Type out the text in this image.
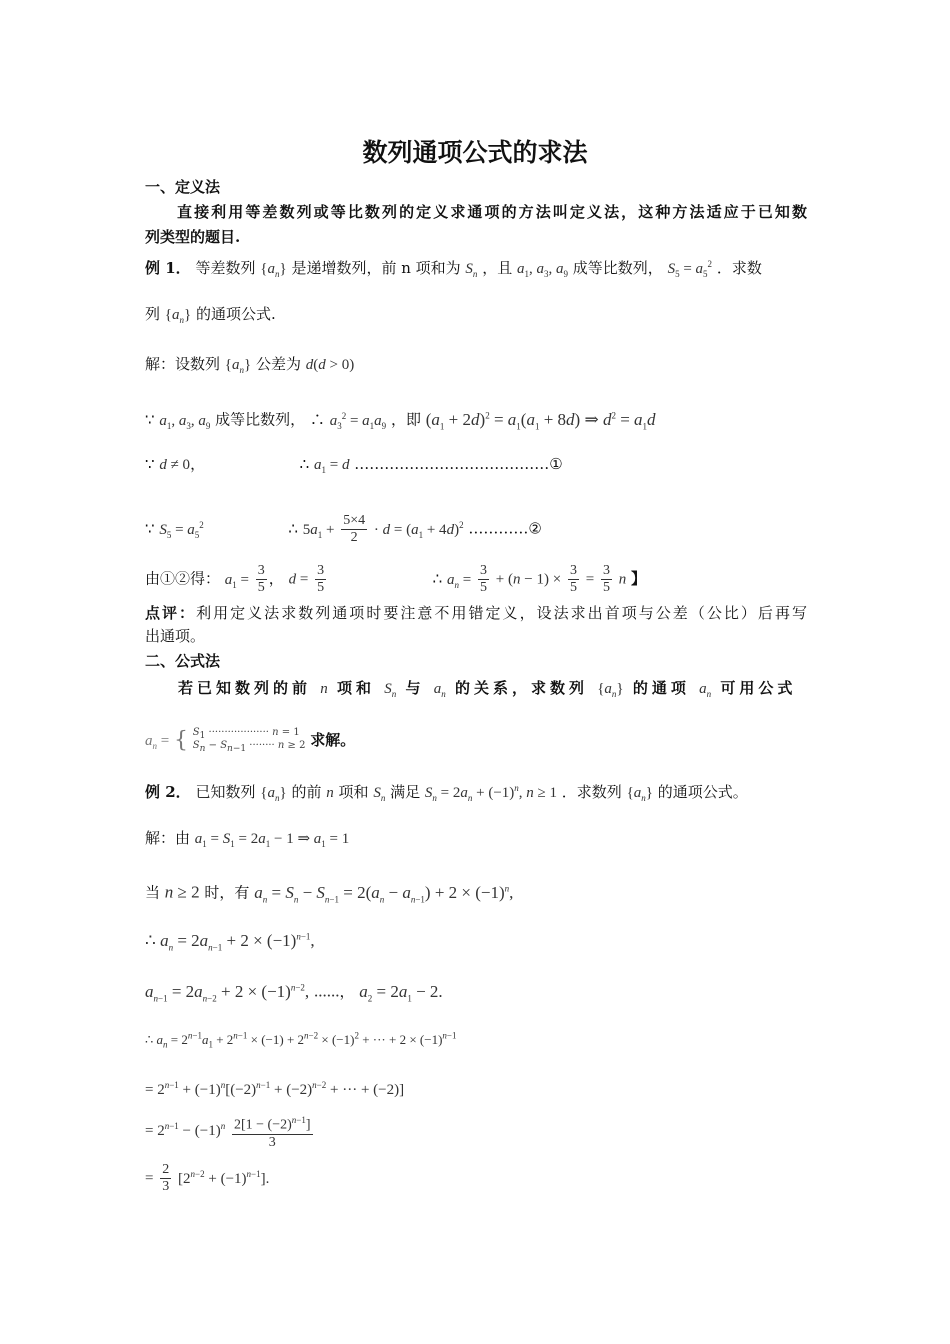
数列通项公式的求法
一、定义法
直接利用等差数列或等比数列的定义求通项的方法叫定义法，这种方法适应于已知数
列类型的题目.
例 1． 等差数列 $\{a_n\}$ 是递增数列，前 n 项和为 $S_n$ ，且 $a_1$, $a_3$, $a_9$ 成等比数列， $S_5 = a_5^2$ ．求数
列 $\{a_n\}$ 的通项公式.
解：设数列 $\{a_n\}$ 公差为 d(d > 0)
∵ $a_1$, $a_3$, $a_9$ 成等比数列， ∴ $a_3^2 = a_1a_9$ ，即 $(a_1 + 2d)^2 = a_1(a_1 + 8d)$ ⇒ $d^2 = a_1d$
∵ d ≠ 0，	∴ $a_1 = d$ …………………………………①
∵ $S_5 = a_5^2$	∴ $5a_1 + \frac{5\times 4}{2} \cdot d = (a_1 + 4d)^2$ …………②
由①②得： $a_1 = \frac{3}{5}$ ， $d = \frac{3}{5}$	∴ $a_n = \frac{3}{5} + (n - 1) \times \frac{3}{5} = \frac{3}{5}$ n 】
点评：利用定义法求数列通项时要注意不用错定义，设法求出首项与公差（公比）后再写
出通项。
二、公式法
若已知数列的前 n 项和 $S_n$ 与 $a_n$ 的关系，求数列 $\{a_n\}$ 的通项 $a_n$ 可用公式
$a_n$ = { $S_1$ ··················· n = 1
$S_n - S_{n-1}$ ········ n ≥ 2 求解。
例 2． 已知数列 $\{a_n\}$ 的前 n 项和 $S_n$ 满足 $S_n = 2a_n + (-1)^n$, n ≥ 1 ．求数列 $\{a_n\}$ 的通项公式。
解：由 $a_1 = S_1 = 2a_1 - 1$ ⇒ $a_1 = 1$
当 n ≥ 2 时，有 $a_n = S_n - S_{n-1} = 2(a_n - a_{n-1}) + 2 \times (-1)^n$,
∴ $a_n = 2a_{n-1} + 2 \times (-1)^{n-1}$,
$a_{n-1} = 2a_{n-2} + 2 \times (-1)^{n-2}$, ......， $a_2 = 2a_1 - 2$.
∴ $a_n = 2^{n-1}a_1 + 2^{n-1} \times (-1) + 2^{n-2} \times (-1)^2$ + ··· + $2 \times (-1)^{n-1}$
= $2^{n-1} + (-1)^n[(-2)^{n-1} + (-2)^{n-2}$ + ··· + (−2)]
= $2^{n-1} - (-1)^n \frac{2[1 - (-2)^{n-1}]}{3}$
= $\frac{2}{3} [2^{n-2} + (-1)^{n-1}]$.
